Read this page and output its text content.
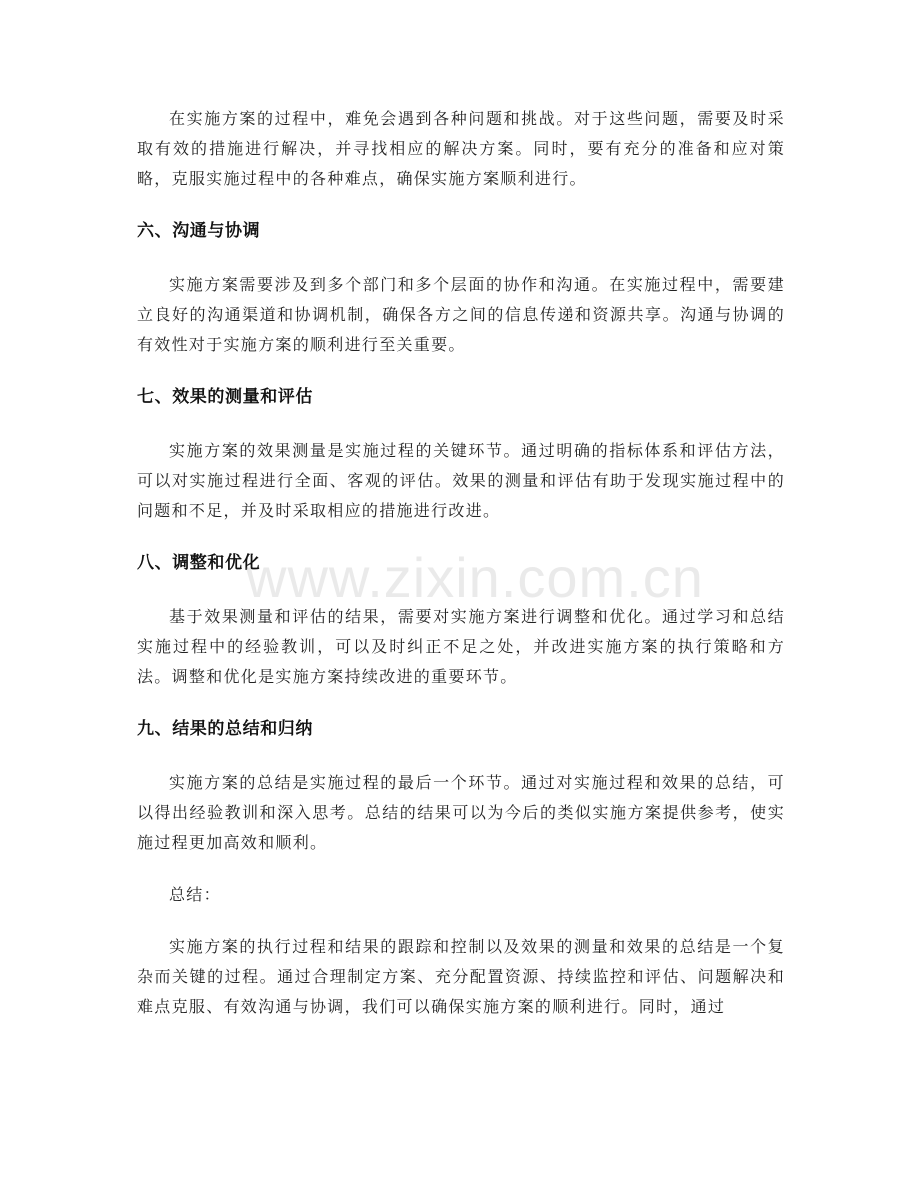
在实施方案的过程中，难免会遇到各种问题和挑战。对于这些问题，需要及时采取有效的措施进行解决，并寻找相应的解决方案。同时，要有充分的准备和应对策略，克服实施过程中的各种难点，确保实施方案顺利进行。

六、沟通与协调

实施方案需要涉及到多个部门和多个层面的协作和沟通。在实施过程中，需要建立良好的沟通渠道和协调机制，确保各方之间的信息传递和资源共享。沟通与协调的有效性对于实施方案的顺利进行至关重要。

七、效果的测量和评估

实施方案的效果测量是实施过程的关键环节。通过明确的指标体系和评估方法，可以对实施过程进行全面、客观的评估。效果的测量和评估有助于发现实施过程中的问题和不足，并及时采取相应的措施进行改进。

八、调整和优化

基于效果测量和评估的结果，需要对实施方案进行调整和优化。通过学习和总结实施过程中的经验教训，可以及时纠正不足之处，并改进实施方案的执行策略和方法。调整和优化是实施方案持续改进的重要环节。

九、结果的总结和归纳

实施方案的总结是实施过程的最后一个环节。通过对实施过程和效果的总结，可以得出经验教训和深入思考。总结的结果可以为今后的类似实施方案提供参考，使实施过程更加高效和顺利。

总结：

实施方案的执行过程和结果的跟踪和控制以及效果的测量和效果的总结是一个复杂而关键的过程。通过合理制定方案、充分配置资源、持续监控和评估、问题解决和难点克服、有效沟通与协调，我们可以确保实施方案的顺利进行。同时，通过

www.zixin.com.cn
